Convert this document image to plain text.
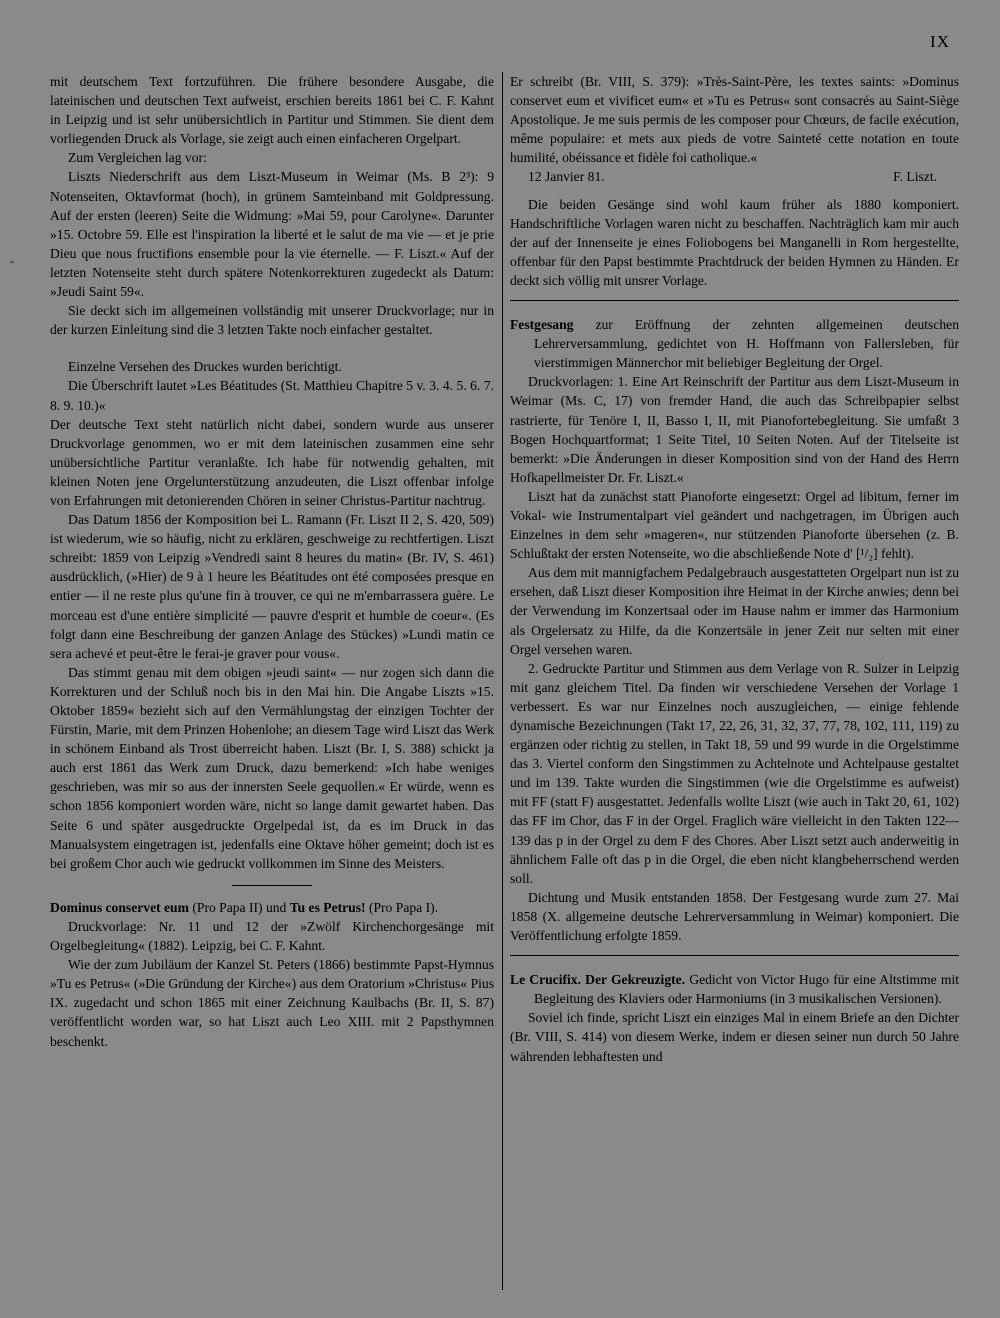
IX
-

mit deutschem Text fortzuführen. Die frühere besondere Ausgabe, die lateinischen und deutschen Text aufweist, erschien bereits 1861 bei C. F. Kahnt in Leipzig und ist sehr unübersichtlich in Partitur und Stimmen. Sie dient dem vorliegenden Druck als Vorlage, sie zeigt auch einen einfacheren Orgelpart.

Zum Vergleichen lag vor:

Liszts Niederschrift aus dem Liszt-Museum in Weimar (Ms. B 2³): 9 Notenseiten, Oktavformat (hoch), in grünem Samteinband mit Goldpressung. Auf der ersten (leeren) Seite die Widmung: »Mai 59, pour Carolyne«. Darunter »15. Octobre 59. Elle est l'inspiration la liberté et le salut de ma vie — et je prie Dieu que nous fructifions ensemble pour la vie éternelle. — F. Liszt.« Auf der letzten Notenseite steht durch spätere Notenkorrekturen zugedeckt als Datum: »Jeudi Saint 59«.

Sie deckt sich im allgemeinen vollständig mit unserer Druckvorlage; nur in der kurzen Einleitung sind die 3 letzten Takte noch einfacher gestaltet.

Einzelne Versehen des Druckes wurden berichtigt.

Die Überschrift lautet »Les Béatitudes (St. Matthieu Chapitre 5 v. 3. 4. 5. 6. 7. 8. 9. 10.)«

Der deutsche Text steht natürlich nicht dabei, sondern wurde aus unserer Druckvorlage genommen, wo er mit dem lateinischen zusammen eine sehr unübersichtliche Partitur veranlaßte. Ich habe für notwendig gehalten, mit kleinen Noten jene Orgelunterstützung anzudeuten, die Liszt offenbar infolge von Erfahrungen mit detonierenden Chören in seiner Christus-Partitur nachtrug.

Das Datum 1856 der Komposition bei L. Ramann (Fr. Liszt II 2, S. 420, 509) ist wiederum, wie so häufig, nicht zu erklären, geschweige zu rechtfertigen. Liszt schreibt: 1859 von Leipzig »Vendredi saint 8 heures du matin« (Br. IV, S. 461) ausdrücklich, (»Hier) de 9 à 1 heure les Béatitudes ont été composées presque en entier — il ne reste plus qu'une fin à trouver, ce qui ne m'embarrassera guère. Le morceau est d'une entière simplicité — pauvre d'esprit et humble de coeur«. (Es folgt dann eine Beschreibung der ganzen Anlage des Stückes) »Lundi matin ce sera achevé et peut-être le ferai-je graver pour vous«.

Das stimmt genau mit dem obigen »jeudi saint« — nur zogen sich dann die Korrekturen und der Schluß noch bis in den Mai hin. Die Angabe Liszts »15. Oktober 1859« bezieht sich auf den Vermählungstag der einzigen Tochter der Fürstin, Marie, mit dem Prinzen Hohenlohe; an diesem Tage wird Liszt das Werk in schönem Einband als Trost überreicht haben. Liszt (Br. I, S. 388) schickt ja auch erst 1861 das Werk zum Druck, dazu bemerkend: »Ich habe weniges geschrieben, was mir so aus der innersten Seele gequollen.« Er würde, wenn es schon 1856 komponiert worden wäre, nicht so lange damit gewartet haben. Das Seite 6 und später ausgedruckte Orgelpedal ist, da es im Druck in das Manualsystem eingetragen ist, jedenfalls eine Oktave höher gemeint; doch ist es bei großem Chor auch wie gedruckt vollkommen im Sinne des Meisters.

Dominus conservet eum (Pro Papa II) und Tu es Petrus! (Pro Papa I).

Druckvorlage: Nr. 11 und 12 der »Zwölf Kirchenchorgesänge mit Orgelbegleitung« (1882). Leipzig, bei C. F. Kahnt.

Wie der zum Jubiläum der Kanzel St. Peters (1866) bestimmte Papst-Hymnus »Tu es Petrus« (»Die Gründung der Kirche«) aus dem Oratorium »Christus« Pius IX. zugedacht und schon 1865 mit einer Zeichnung Kaulbachs (Br. II, S. 87) veröffentlicht worden war, so hat Liszt auch Leo XIII. mit 2 Papsthymnen beschenkt.

Er schreibt (Br. VIII, S. 379): »Très-Saint-Père, les textes saints: »Dominus conservet eum et vivificet eum« et »Tu es Petrus« sont consacrés au Saint-Siège Apostolique. Je me suis permis de les composer pour Chœurs, de facile exécution, même populaire: et mets aux pieds de votre Sainteté cette notation en toute humilité, obéissance et fidèle foi catholique.«

12 Janvier 81.	F. Liszt.

Die beiden Gesänge sind wohl kaum früher als 1880 komponiert. Handschriftliche Vorlagen waren nicht zu beschaffen. Nachträglich kam mir auch der auf der Innenseite je eines Foliobogens bei Manganelli in Rom hergestellte, offenbar für den Papst bestimmte Prachtdruck der beiden Hymnen zu Händen. Er deckt sich völlig mit unsrer Vorlage.

Festgesang zur Eröffnung der zehnten allgemeinen deutschen Lehrerversammlung, gedichtet von H. Hoffmann von Fallersleben, für vierstimmigen Männerchor mit beliebiger Begleitung der Orgel.

Druckvorlagen: 1. Eine Art Reinschrift der Partitur aus dem Liszt-Museum in Weimar (Ms. C, 17) von fremder Hand, die auch das Schreibpapier selbst rastrierte, für Tenöre I, II, Basso I, II, mit Pianofortebegleitung. Sie umfaßt 3 Bogen Hochquartformat; 1 Seite Titel, 10 Seiten Noten. Auf der Titelseite ist bemerkt: »Die Änderungen in dieser Komposition sind von der Hand des Herrn Hofkapellmeister Dr. Fr. Liszt.«

Liszt hat da zunächst statt Pianoforte eingesetzt: Orgel ad libitum, ferner im Vokal- wie Instrumentalpart viel geändert und nachgetragen, im Übrigen auch Einzelnes in dem sehr »mageren«, nur stützenden Pianoforte übersehen (z. B. Schlußtakt der ersten Notenseite, wo die abschließende Note d' [¹/₂] fehlt).

Aus dem mit mannigfachem Pedalgebrauch ausgestatteten Orgelpart nun ist zu ersehen, daß Liszt dieser Komposition ihre Heimat in der Kirche anwies; denn bei der Verwendung im Konzertsaal oder im Hause nahm er immer das Harmonium als Orgelersatz zu Hilfe, da die Konzertsäle in jener Zeit nur selten mit einer Orgel versehen waren.

2. Gedruckte Partitur und Stimmen aus dem Verlage von R. Sulzer in Leipzig mit ganz gleichem Titel. Da finden wir verschiedene Versehen der Vorlage 1 verbessert. Es war nur Einzelnes noch auszugleichen, — einige fehlende dynamische Bezeichnungen (Takt 17, 22, 26, 31, 32, 37, 77, 78, 102, 111, 119) zu ergänzen oder richtig zu stellen, in Takt 18, 59 und 99 wurde in die Orgelstimme das 3. Viertel conform den Singstimmen zu Achtelnote und Achtelpause gestaltet und im 139. Takte wurden die Singstimmen (wie die Orgelstimme es aufweist) mit FF (statt F) ausgestattet. Jedenfalls wollte Liszt (wie auch in Takt 20, 61, 102) das FF im Chor, das F in der Orgel. Fraglich wäre vielleicht in den Takten 122—139 das p in der Orgel zu dem F des Chores. Aber Liszt setzt auch anderweitig in ähnlichem Falle oft das p in die Orgel, die eben nicht klangbeherrschend werden soll.

Dichtung und Musik entstanden 1858. Der Festgesang wurde zum 27. Mai 1858 (X. allgemeine deutsche Lehrerversammlung in Weimar) komponiert. Die Veröffentlichung erfolgte 1859.

Le Crucifix. Der Gekreuzigte. Gedicht von Victor Hugo für eine Altstimme mit Begleitung des Klaviers oder Harmoniums (in 3 musikalischen Versionen).

Soviel ich finde, spricht Liszt ein einziges Mal in einem Briefe an den Dichter (Br. VIII, S. 414) von diesem Werke, indem er diesen seiner nun durch 50 Jahre währenden lebhaftesten und
